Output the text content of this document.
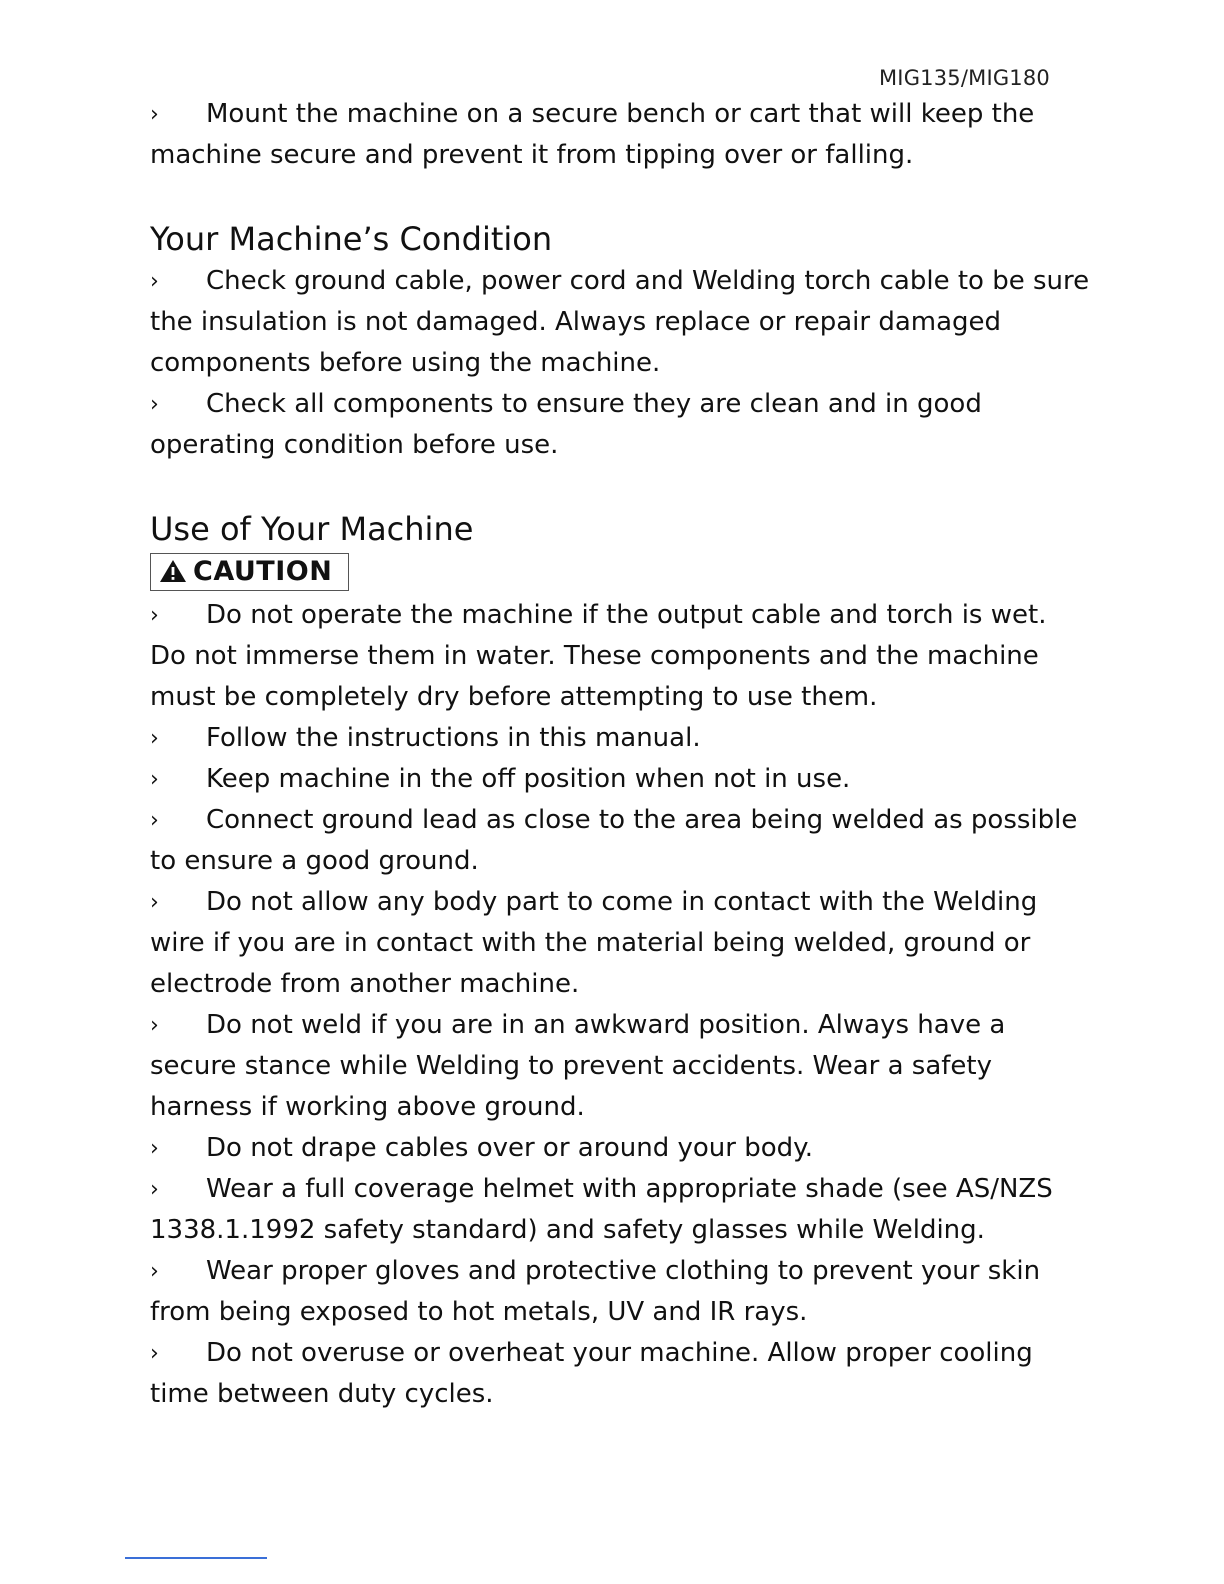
MIG135/MIG180

› Mount the machine on a secure bench or cart that will keep the machine secure and prevent it from tipping over or falling.

Your Machine’s Condition

› Check ground cable, power cord and Welding torch cable to be sure the insulation is not damaged. Always replace or repair damaged components before using the machine.

› Check all components to ensure they are clean and in good operating condition before use.

Use of Your Machine
CAUTION

› Do not operate the machine if the output cable and torch is wet. Do not immerse them in water. These components and the machine must be completely dry before attempting to use them.

› Follow the instructions in this manual.

› Keep machine in the off position when not in use.

› Connect ground lead as close to the area being welded as possible to ensure a good ground.

› Do not allow any body part to come in contact with the Welding wire if you are in contact with the material being welded, ground or electrode from another machine.

› Do not weld if you are in an awkward position. Always have a secure stance while Welding to prevent accidents. Wear a safety harness if working above ground.

› Do not drape cables over or around your body.

› Wear a full coverage helmet with appropriate shade (see AS/NZS 1338.1.1992 safety standard) and safety glasses while Welding.

› Wear proper gloves and protective clothing to prevent your skin from being exposed to hot metals, UV and IR rays.

› Do not overuse or overheat your machine. Allow proper cooling time between duty cycles.
